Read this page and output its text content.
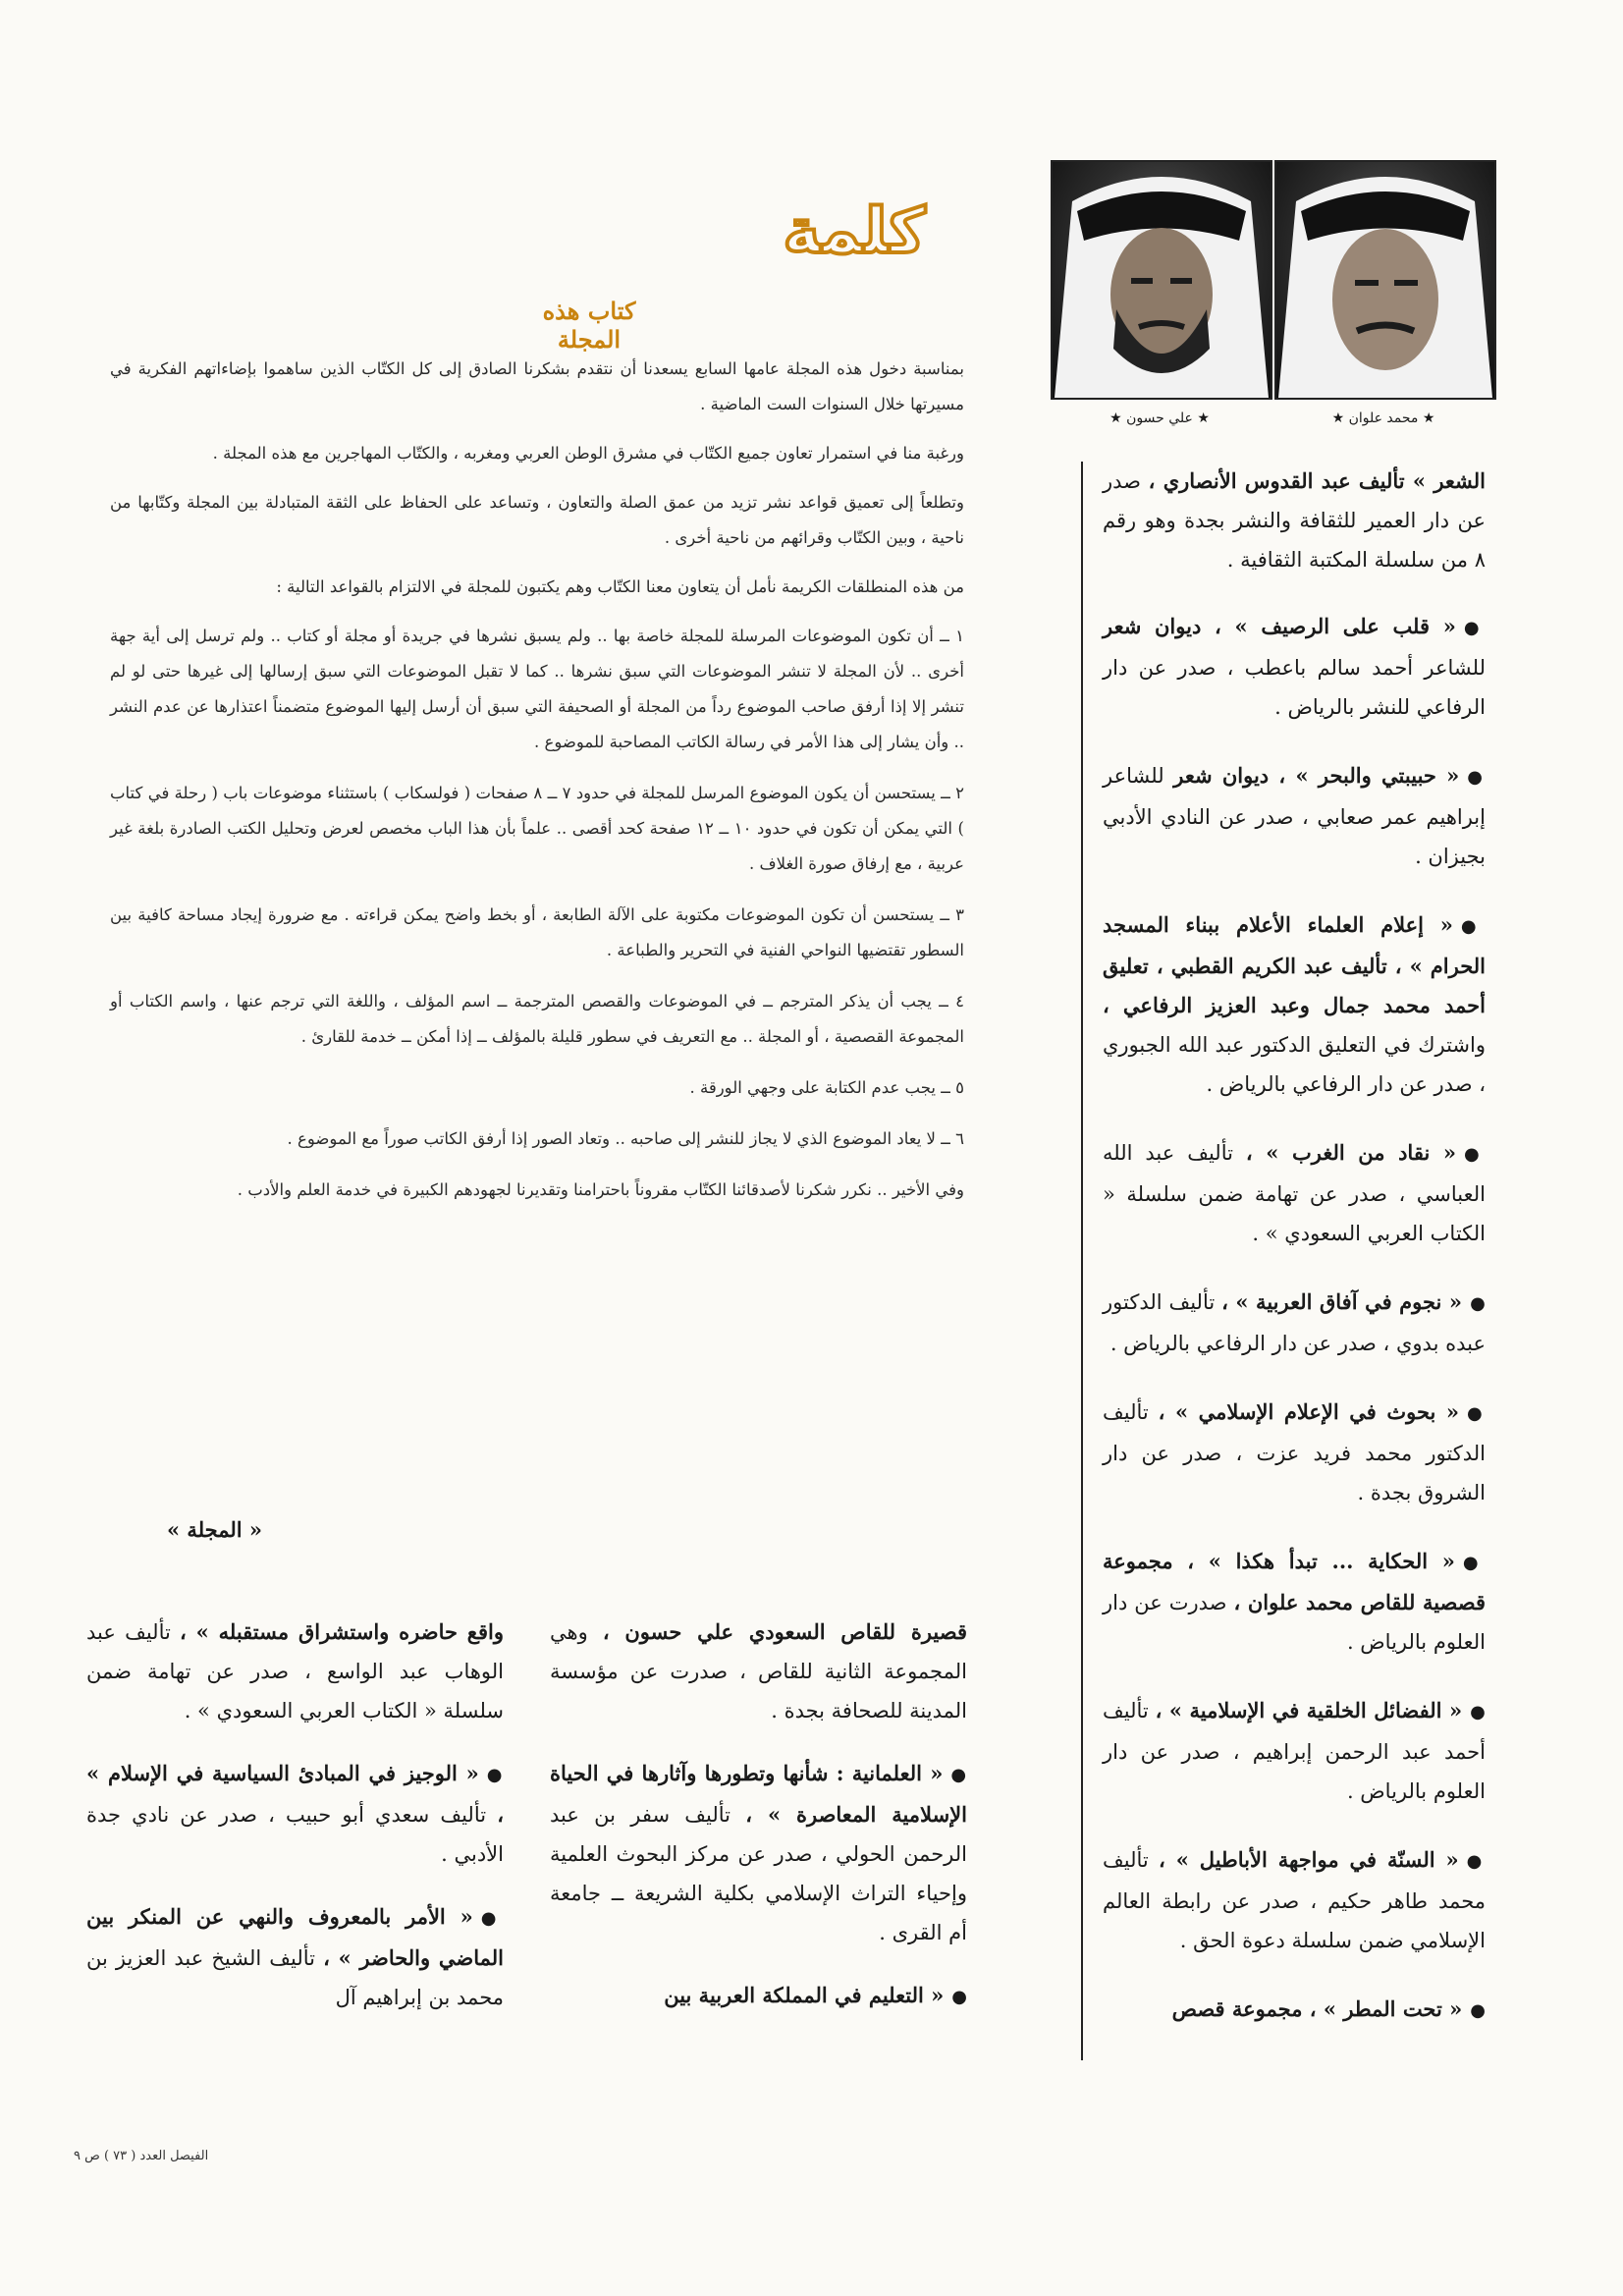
★ علي حسون ★	★ محمد علوان ★

الشعر » تأليف عبد القدوس الأنصاري ، صدر عن دار العمير للثقافة والنشر بجدة وهو رقم ٨ من سلسلة المكتبة الثقافية .

● « قلب على الرصيف » ، ديوان شعر للشاعر أحمد سالم باعطب ، صدر عن دار الرفاعي للنشر بالرياض .

● « حبيبتي والبحر » ، ديوان شعر للشاعر إبراهيم عمر صعابي ، صدر عن النادي الأدبي بجيزان .

● « إعلام العلماء الأعلام ببناء المسجد الحرام » ، تأليف عبد الكريم القطبي ، تعليق أحمد محمد جمال وعبد العزيز الرفاعي ، واشترك في التعليق الدكتور عبد الله الجبوري ، صدر عن دار الرفاعي بالرياض .

● « نقاد من الغرب » ، تأليف عبد الله العباسي ، صدر عن تهامة ضمن سلسلة « الكتاب العربي السعودي » .

● « نجوم في آفاق العربية » ، تأليف الدكتور عبده بدوي ، صدر عن دار الرفاعي بالرياض .

● « بحوث في الإعلام الإسلامي » ، تأليف الدكتور محمد فريد عزت ، صدر عن دار الشروق بجدة .

● « الحكاية ... تبدأ هكذا » ، مجموعة قصصية للقاص محمد علوان ، صدرت عن دار العلوم بالرياض .

● « الفضائل الخلقية في الإسلامية » ، تأليف أحمد عبد الرحمن إبراهيم ، صدر عن دار العلوم بالرياض .

● « السنّة في مواجهة الأباطيل » ، تأليف محمد طاهر حكيم ، صدر عن رابطة العالم الإسلامي ضمن سلسلة دعوة الحق .

● « تحت المطر » ، مجموعة قصص

كلمة
كتاب هذه المجلة

بمناسبة دخول هذه المجلة عامها السابع يسعدنا أن نتقدم بشكرنا الصادق إلى كل الكتّاب الذين ساهموا بإضاءاتهم الفكرية في مسيرتها خلال السنوات الست الماضية .

ورغبة منا في استمرار تعاون جميع الكتّاب في مشرق الوطن العربي ومغربه ، والكتّاب المهاجرين مع هذه المجلة .

وتطلعاً إلى تعميق قواعد نشر تزيد من عمق الصلة والتعاون ، وتساعد على الحفاظ على الثقة المتبادلة بين المجلة وكتّابها من ناحية ، وبين الكتّاب وقرائهم من ناحية أخرى .

من هذه المنطلقات الكريمة نأمل أن يتعاون معنا الكتّاب وهم يكتبون للمجلة في الالتزام بالقواعد التالية :

١ ــ أن تكون الموضوعات المرسلة للمجلة خاصة بها .. ولم يسبق نشرها في جريدة أو مجلة أو كتاب .. ولم ترسل إلى أية جهة أخرى .. لأن المجلة لا تنشر الموضوعات التي سبق نشرها .. كما لا تقبل الموضوعات التي سبق إرسالها إلى غيرها حتى لو لم تنشر إلا إذا أرفق صاحب الموضوع رداً من المجلة أو الصحيفة التي سبق أن أرسل إليها الموضوع متضمناً اعتذارها عن عدم النشر .. وأن يشار إلى هذا الأمر في رسالة الكاتب المصاحبة للموضوع .

٢ ــ يستحسن أن يكون الموضوع المرسل للمجلة في حدود ٧ ــ ٨ صفحات ( فولسكاب ) باستثناء موضوعات باب ( رحلة في كتاب ) التي يمكن أن تكون في حدود ١٠ ــ ١٢ صفحة كحد أقصى .. علماً بأن هذا الباب مخصص لعرض وتحليل الكتب الصادرة بلغة غير عربية ، مع إرفاق صورة الغلاف .

٣ ــ يستحسن أن تكون الموضوعات مكتوبة على الآلة الطابعة ، أو بخط واضح يمكن قراءته . مع ضرورة إيجاد مساحة كافية بين السطور تقتضيها النواحي الفنية في التحرير والطباعة .

٤ ــ يجب أن يذكر المترجم ــ في الموضوعات والقصص المترجمة ــ اسم المؤلف ، واللغة التي ترجم عنها ، واسم الكتاب أو المجموعة القصصية ، أو المجلة .. مع التعريف في سطور قليلة بالمؤلف ــ إذا أمكن ــ خدمة للقارئ .

٥ ــ يجب عدم الكتابة على وجهي الورقة .

٦ ــ لا يعاد الموضوع الذي لا يجاز للنشر إلى صاحبه .. وتعاد الصور إذا أرفق الكاتب صوراً مع الموضوع .

وفي الأخير .. نكرر شكرنا لأصدقائنا الكتّاب مقروناً باحترامنا وتقديرنا لجهودهم الكبيرة في خدمة العلم والأدب .

« المجلة »

قصيرة للقاص السعودي علي حسون ، وهي المجموعة الثانية للقاص ، صدرت عن مؤسسة المدينة للصحافة بجدة .

● « العلمانية : شأنها وتطورها وآثارها في الحياة الإسلامية المعاصرة » ، تأليف سفر بن عبد الرحمن الحولي ، صدر عن مركز البحوث العلمية وإحياء التراث الإسلامي بكلية الشريعة ــ جامعة أم القرى .

● « التعليم في المملكة العربية بين

واقع حاضره واستشراق مستقبله » ، تأليف عبد الوهاب عبد الواسع ، صدر عن تهامة ضمن سلسلة « الكتاب العربي السعودي » .

● « الوجيز في المبادئ السياسية في الإسلام » ، تأليف سعدي أبو حبيب ، صدر عن نادي جدة الأدبي .

● « الأمر بالمعروف والنهي عن المنكر بين الماضي والحاضر » ، تأليف الشيخ عبد العزيز بن محمد بن إبراهيم آل

الفيصل العدد ( ٧٣ ) ص ٩
